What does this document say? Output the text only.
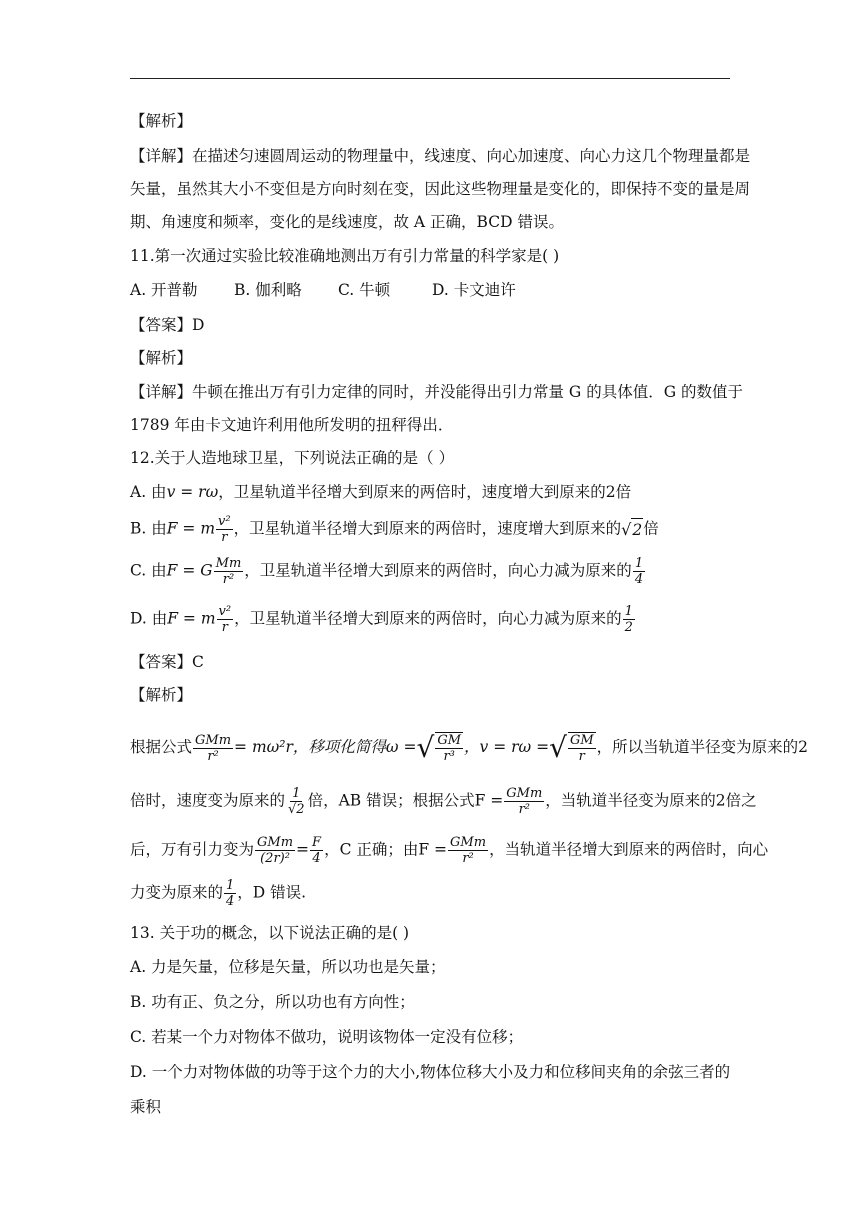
【解析】
【详解】在描述匀速圆周运动的物理量中，线速度、向心加速度、向心力这几个物理量都是
矢量，虽然其大小不变但是方向时刻在变，因此这些物理量是变化的，即保持不变的量是周
期、角速度和频率，变化的是线速度，故 A 正确，BCD 错误。
11.第一次通过实验比较准确地测出万有引力常量的科学家是( )
A. 开普勒 B. 伽利略 C. 牛顿	D. 卡文迪许
【答案】D
【解析】
【详解】牛顿在推出万有引力定律的同时，并没能得出引力常量 G 的具体值．G 的数值于
1789 年由卡文迪许利用他所发明的扭秤得出．
12.关于人造地球卫星，下列说法正确的是（ ）
A. 由v = rω，卫星轨道半径增大到原来的两倍时，速度增大到原来的2倍
B. 由F = m $\frac{\text{v²}}{r}$ ，卫星轨道半径增大到原来的两倍时，速度增大到原来的 √ 2 倍
C. 由F = G $\frac{Mm}{\text{r²}}$ ，卫星轨道半径增大到原来的两倍时，向心力减为原来的 $\frac{1}{4}$
D. 由F = m $\frac{\text{v²}}{r}$ ，卫星轨道半径增大到原来的两倍时，向心力减为原来的 $\frac{1}{2}$
【答案】C
【解析】
根据公式 $\frac{\text{GMm}}{\text{r²}} = m\omega^2r$，移项化简得ω = √ $\frac{GM}{\text{r³}}$ ，v = rω = √ $\frac{GM}{r}$ ，所以当轨道半径变为原来的2
倍时，速度变为原来的 $\frac{1}{√2}$ 倍，AB 错误；根据公式$F = \frac{\text{GMm}}{\text{r²}}$ ，当轨道半径变为原来的2倍之
后，万有引力变为 $\frac{\text{GMm}}{\text{(2r)²}} = \frac{F}{4}$ ，C 正确；由$F = \frac{\text{GMm}}{\text{r²}}$ ，当轨道半径增大到原来的两倍时，向心
力变为原来的 $\frac{1}{4}$ ，D 错误.
13. 关于功的概念，以下说法正确的是( )
A. 力是矢量，位移是矢量，所以功也是矢量；
B. 功有正、负之分，所以功也有方向性；
C. 若某一个力对物体不做功，说明该物体一定没有位移；
D. 一个力对物体做的功等于这个力的大小,物体位移大小及力和位移间夹角的余弦三者的
乘积
